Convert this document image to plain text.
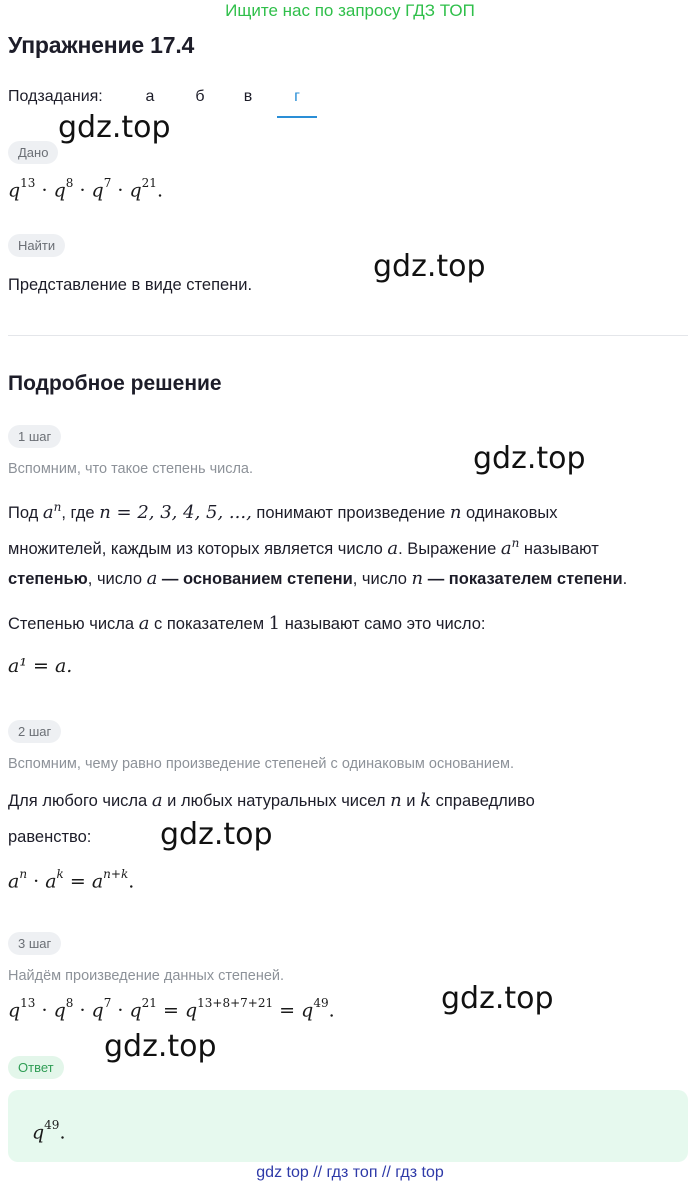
Ищите нас по запросу ГДЗ ТОП
Упражнение 17.4
Подзадания:	а	б	в	г
gdz.top
Дано
$q^{13} \cdot q^8 \cdot q^7 \cdot q^{21}$.
Найти
gdz.top
Представление в виде степени.
Подробное решение
1 шаг
gdz.top
Вспомним, что такое степень числа.
Под $a^n$, где n = 2, 3, 4, 5, ..., понимают произведение n одинаковых
множителей, каждым из которых является число a. Выражение $a^n$ называют
степенью, число a — основанием степени, число n — показателем степени.
Степенью числа a с показателем 1 называют само это число:
a¹ = a.
2 шаг
Вспомним, чему равно произведение степеней с одинаковым основанием.
Для любого числа a и любых натуральных чисел n и k справедливо
равенство: gdz.top
$a^n \cdot a^k = a^{n+k}$.
3 шаг
Найдём произведение данных степеней.
gdz.top
$q^{13} \cdot q^8 \cdot q^7 \cdot q^{21} = q^{13+8+7+21} = q^{49}$.
gdz.top
Ответ
$q^{49}$.
gdz top // гдз топ // гдз top
